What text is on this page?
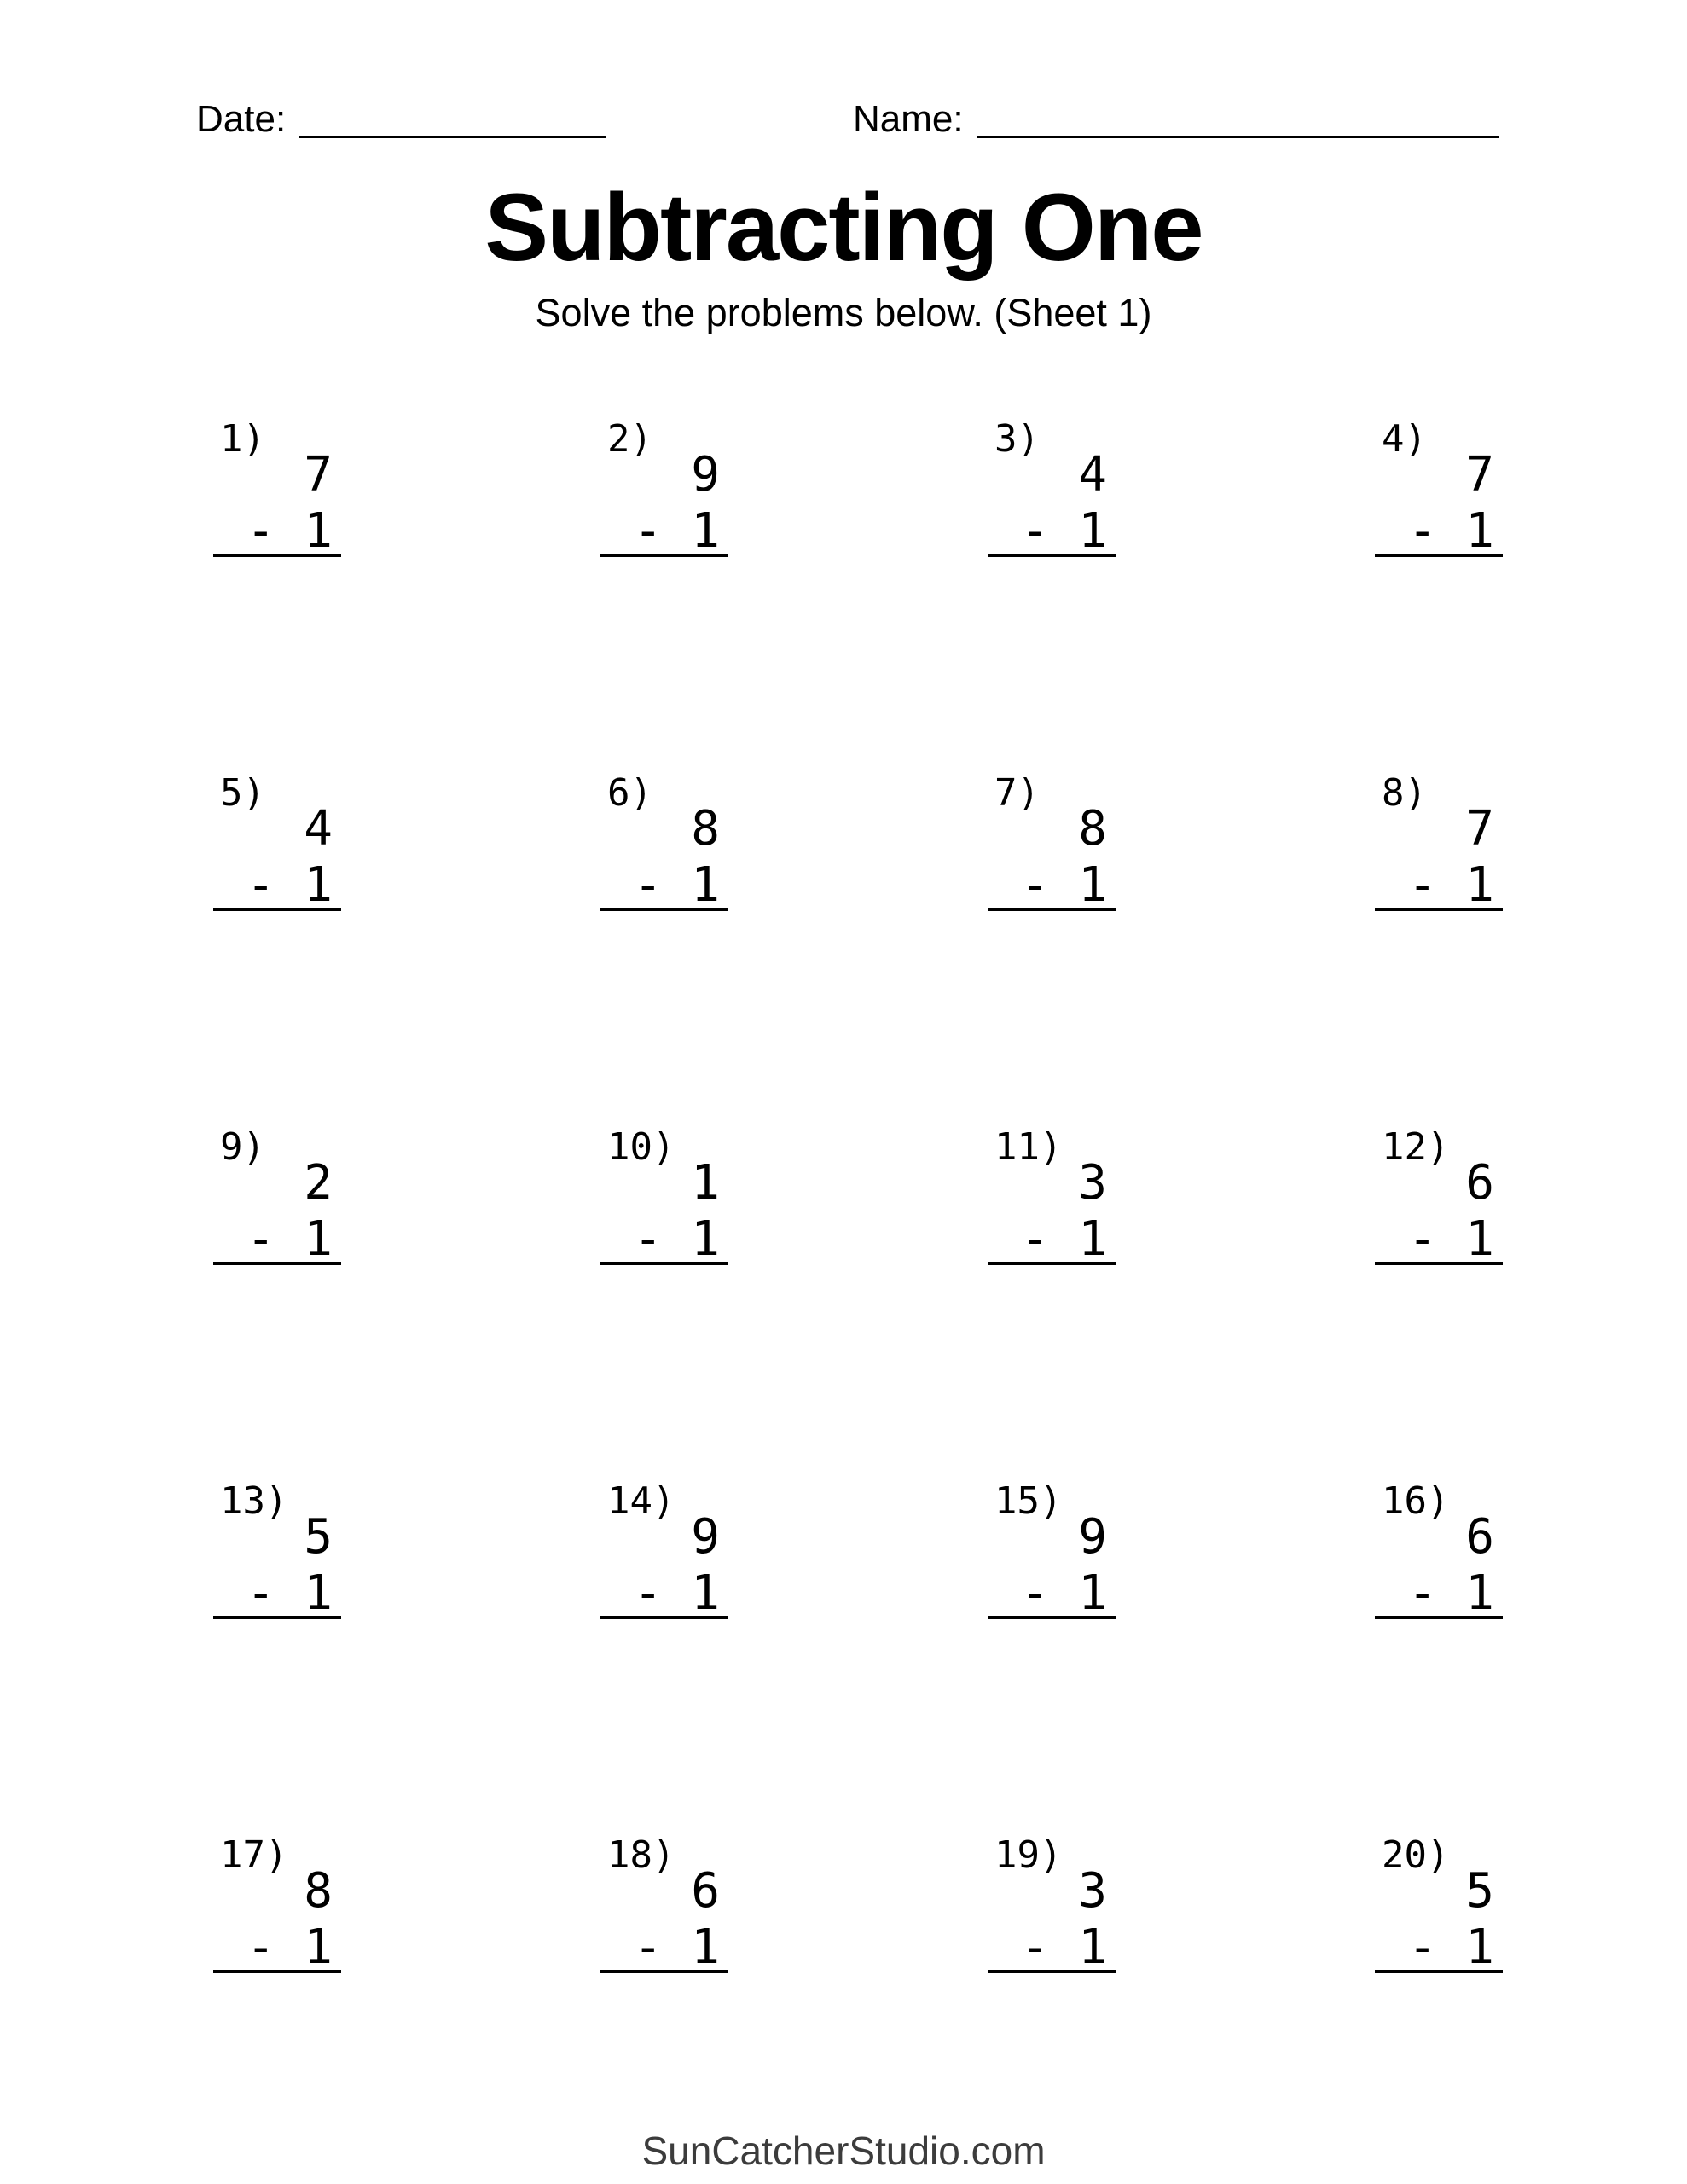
Date:	Name:
Subtracting One
Solve the problems below. (Sheet 1)
1)
7
- 1
2)
9
- 1
3)
4
- 1
4)
7
- 1
5)
4
- 1
6)
8
- 1
7)
8
- 1
8)
7
- 1
9)
2
- 1
10)
1
- 1
11)
3
- 1
12)
6
- 1
13)
5
- 1
14)
9
- 1
15)
9
- 1
16)
6
- 1
17)
8
- 1
18)
6
- 1
19)
3
- 1
20)
5
- 1
SunCatcherStudio.com
